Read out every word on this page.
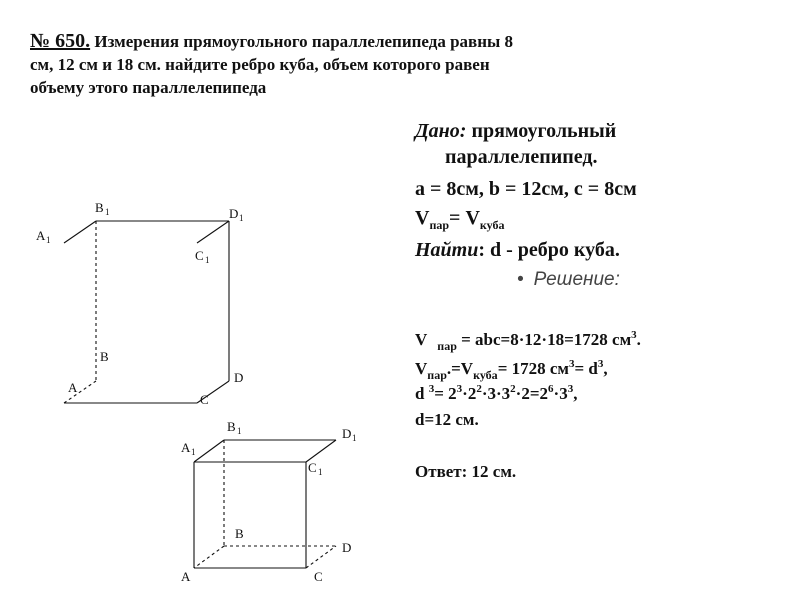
№ 650. Измерения прямоугольного параллелепипеда равны 8
см, 12 см и 18 см. найдите ребро куба, объем которого равен
объему этого параллелепипеда
Дано: прямоугольный
параллелепипед.
a = 8см, b = 12см, c = 8см
$V_{пар}= V_{куба}$
Найти: d - ребро куба.
• Решение:
V $_{пар}$ = abc=8·12·18=1728 $см^3$.
$V_{пар}.=V_{куба}= 1728$ $см^3= d^3$,
d $^3= 2^3\cdot 2^2\cdot 3\cdot 3^2\cdot 2=2^6\cdot 3^3$,
d=12 см.
Ответ: 12 см.
A 1
B 1	D 1
C 1
B
D
A
C
A 1
B 1	D 1
C 1
B
D
A	C
